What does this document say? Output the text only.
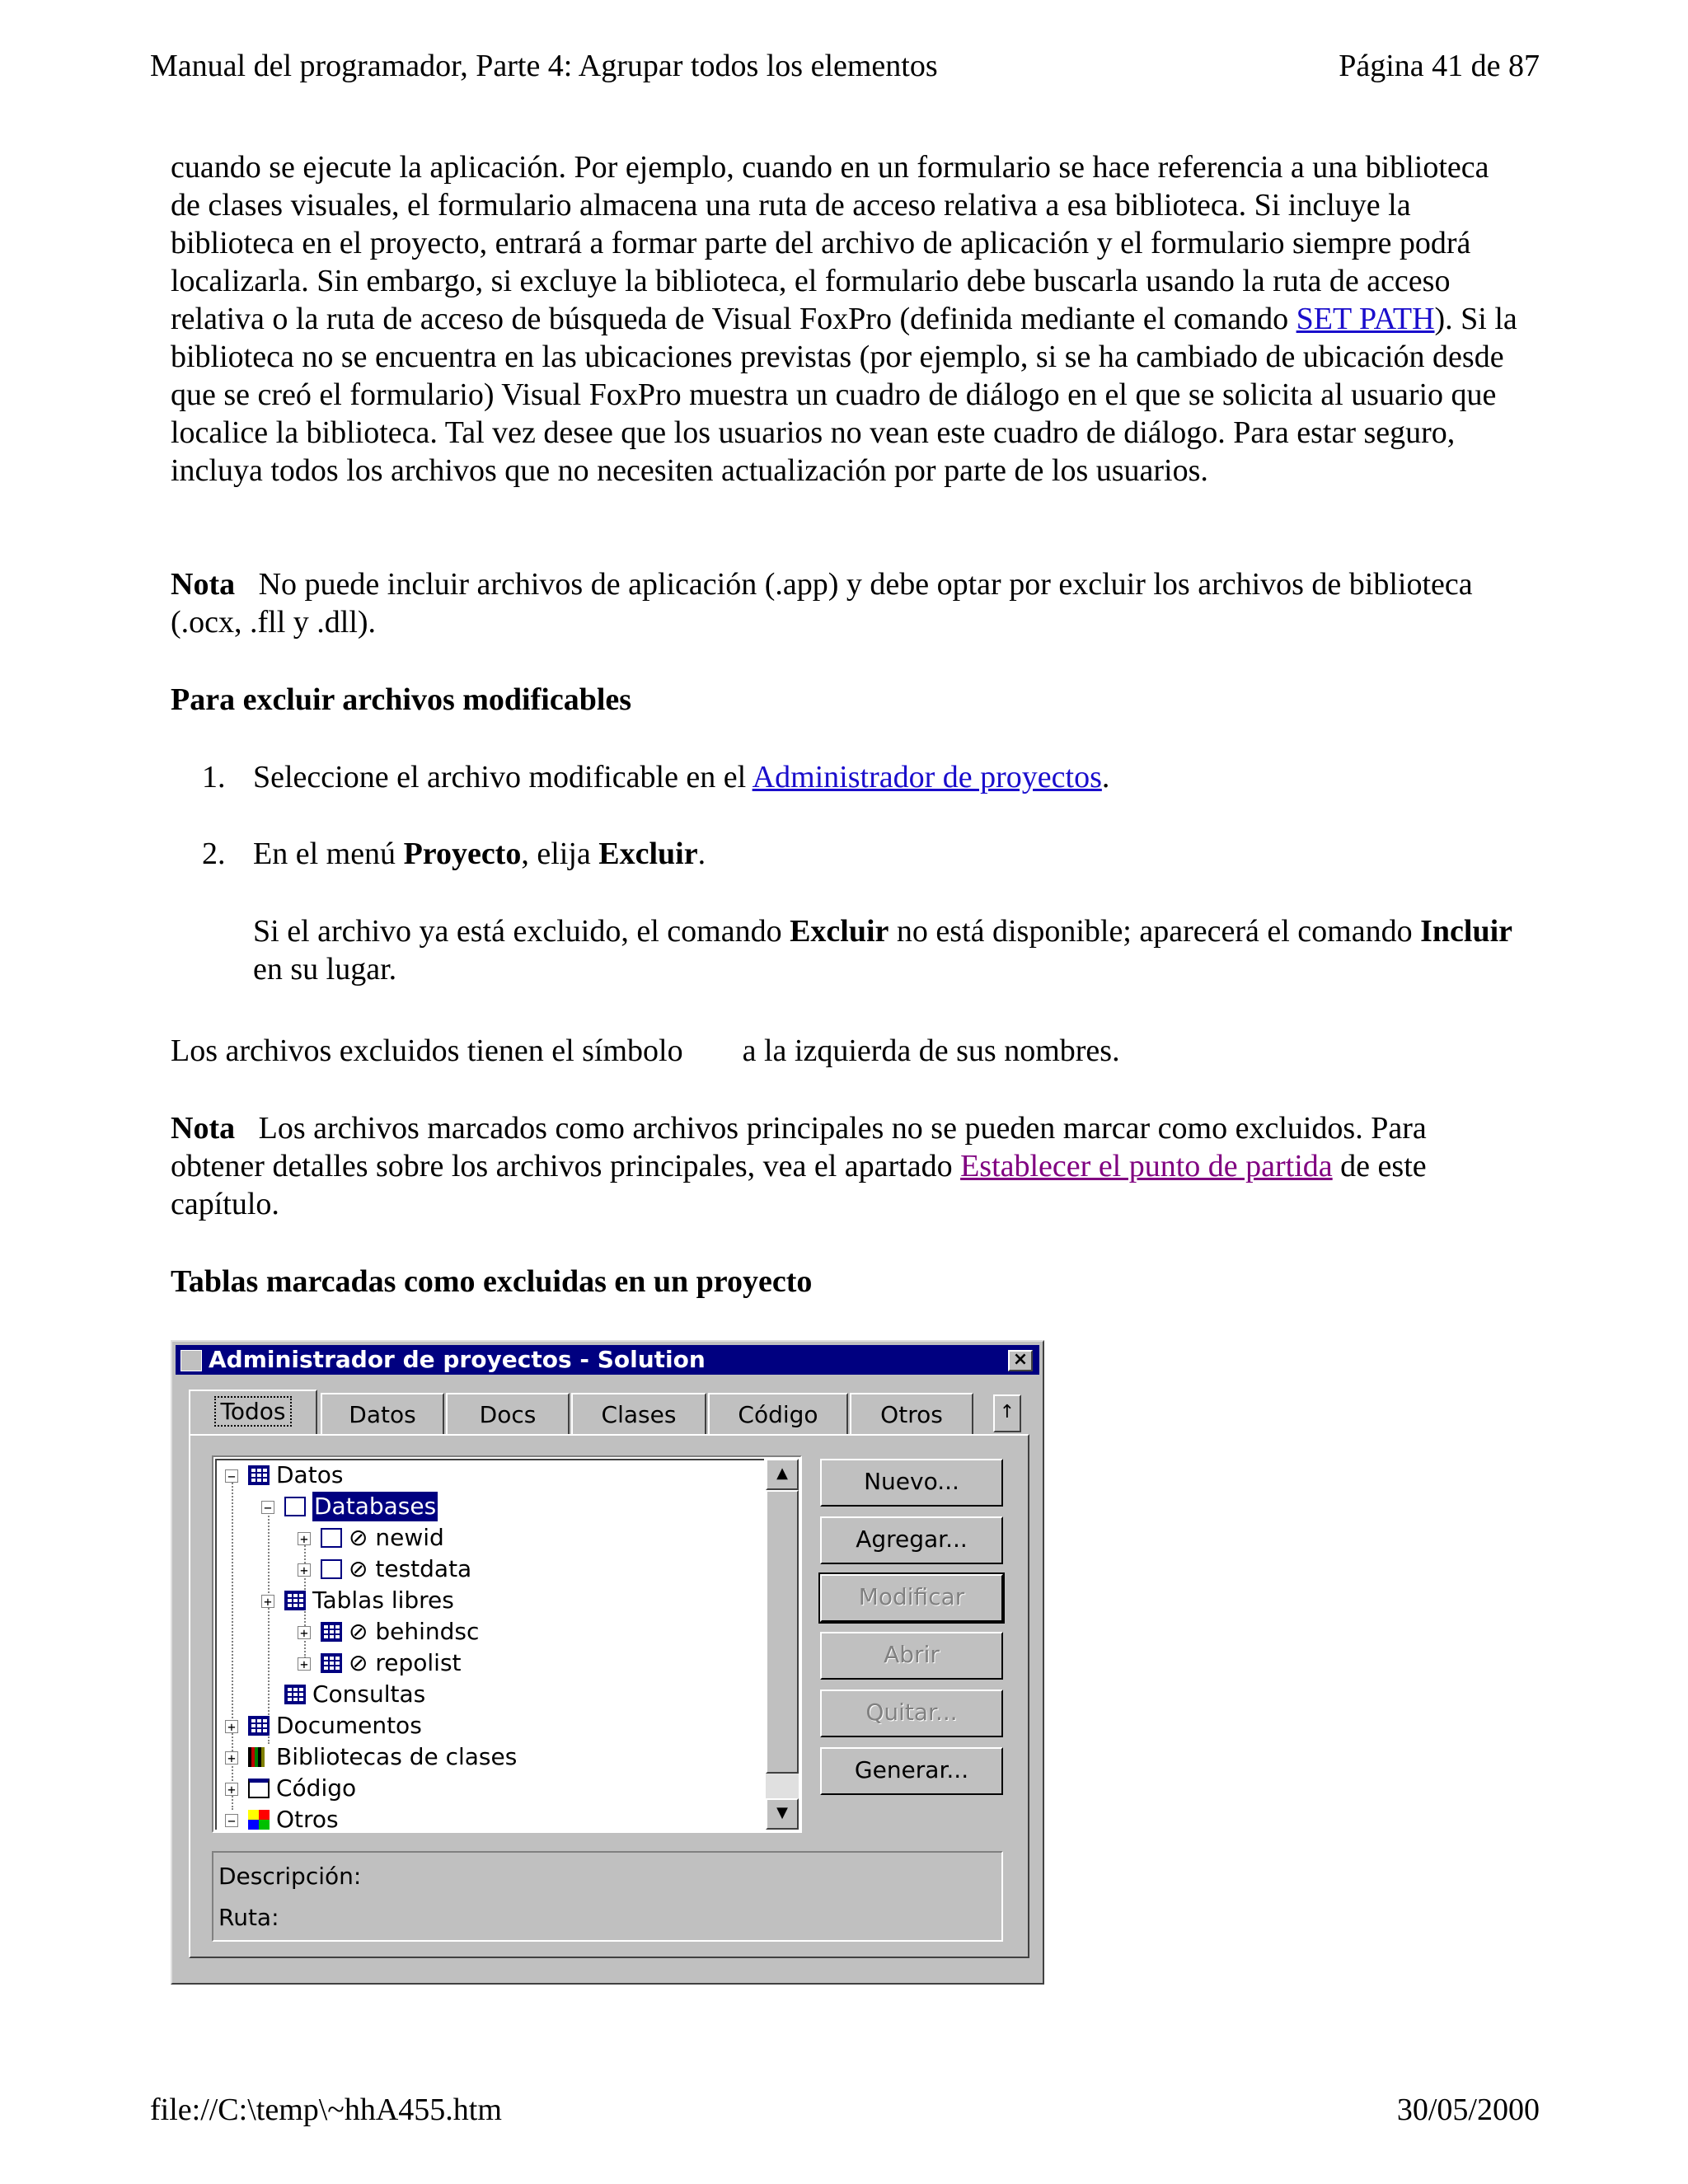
Manual del programador, Parte 4: Agrupar todos los elementos	Página 41 de 87

cuando se ejecute la aplicación. Por ejemplo, cuando en un formulario se hace referencia a una biblioteca de clases visuales, el formulario almacena una ruta de acceso relativa a esa biblioteca. Si incluye la biblioteca en el proyecto, entrará a formar parte del archivo de aplicación y el formulario siempre podrá localizarla. Sin embargo, si excluye la biblioteca, el formulario debe buscarla usando la ruta de acceso relativa o la ruta de acceso de búsqueda de Visual FoxPro (definida mediante el comando SET PATH). Si la biblioteca no se encuentra en las ubicaciones previstas (por ejemplo, si se ha cambiado de ubicación desde que se creó el formulario) Visual FoxPro muestra un cuadro de diálogo en el que se solicita al usuario que localice la biblioteca. Tal vez desee que los usuarios no vean este cuadro de diálogo. Para estar seguro, incluya todos los archivos que no necesiten actualización por parte de los usuarios.

Nota No puede incluir archivos de aplicación (.app) y debe optar por excluir los archivos de biblioteca (.ocx, .fll y .dll).

Para excluir archivos modificables

1. Seleccione el archivo modificable en el Administrador de proyectos.
2. En el menú Proyecto, elija Excluir.

Si el archivo ya está excluido, el comando Excluir no está disponible; aparecerá el comando Incluir en su lugar.

Los archivos excluidos tienen el símbolo a la izquierda de sus nombres.

Nota Los archivos marcados como archivos principales no se pueden marcar como excluidos. Para obtener detalles sobre los archivos principales, vea el apartado Establecer el punto de partida de este capítulo.

Tablas marcadas como excluidas en un proyecto

Administrador de proyectos - Solution	×
Todos	Datos	Docs	Clases	Código	Otros	↑
− Datos
− Databases
+ ⊘ newid
+ ⊘ testdata
+ Tablas libres
+ ⊘ behindsc
+ ⊘ repolist
Consultas
+ Documentos
+ Bibliotecas de clases
+ Código
− Otros
▲
▼
Nuevo...
Agregar...
Modificar
Abrir
Quitar...
Generar...
Descripción:
Ruta:
file://C:\temp\~hhA455.htm	30/05/2000
